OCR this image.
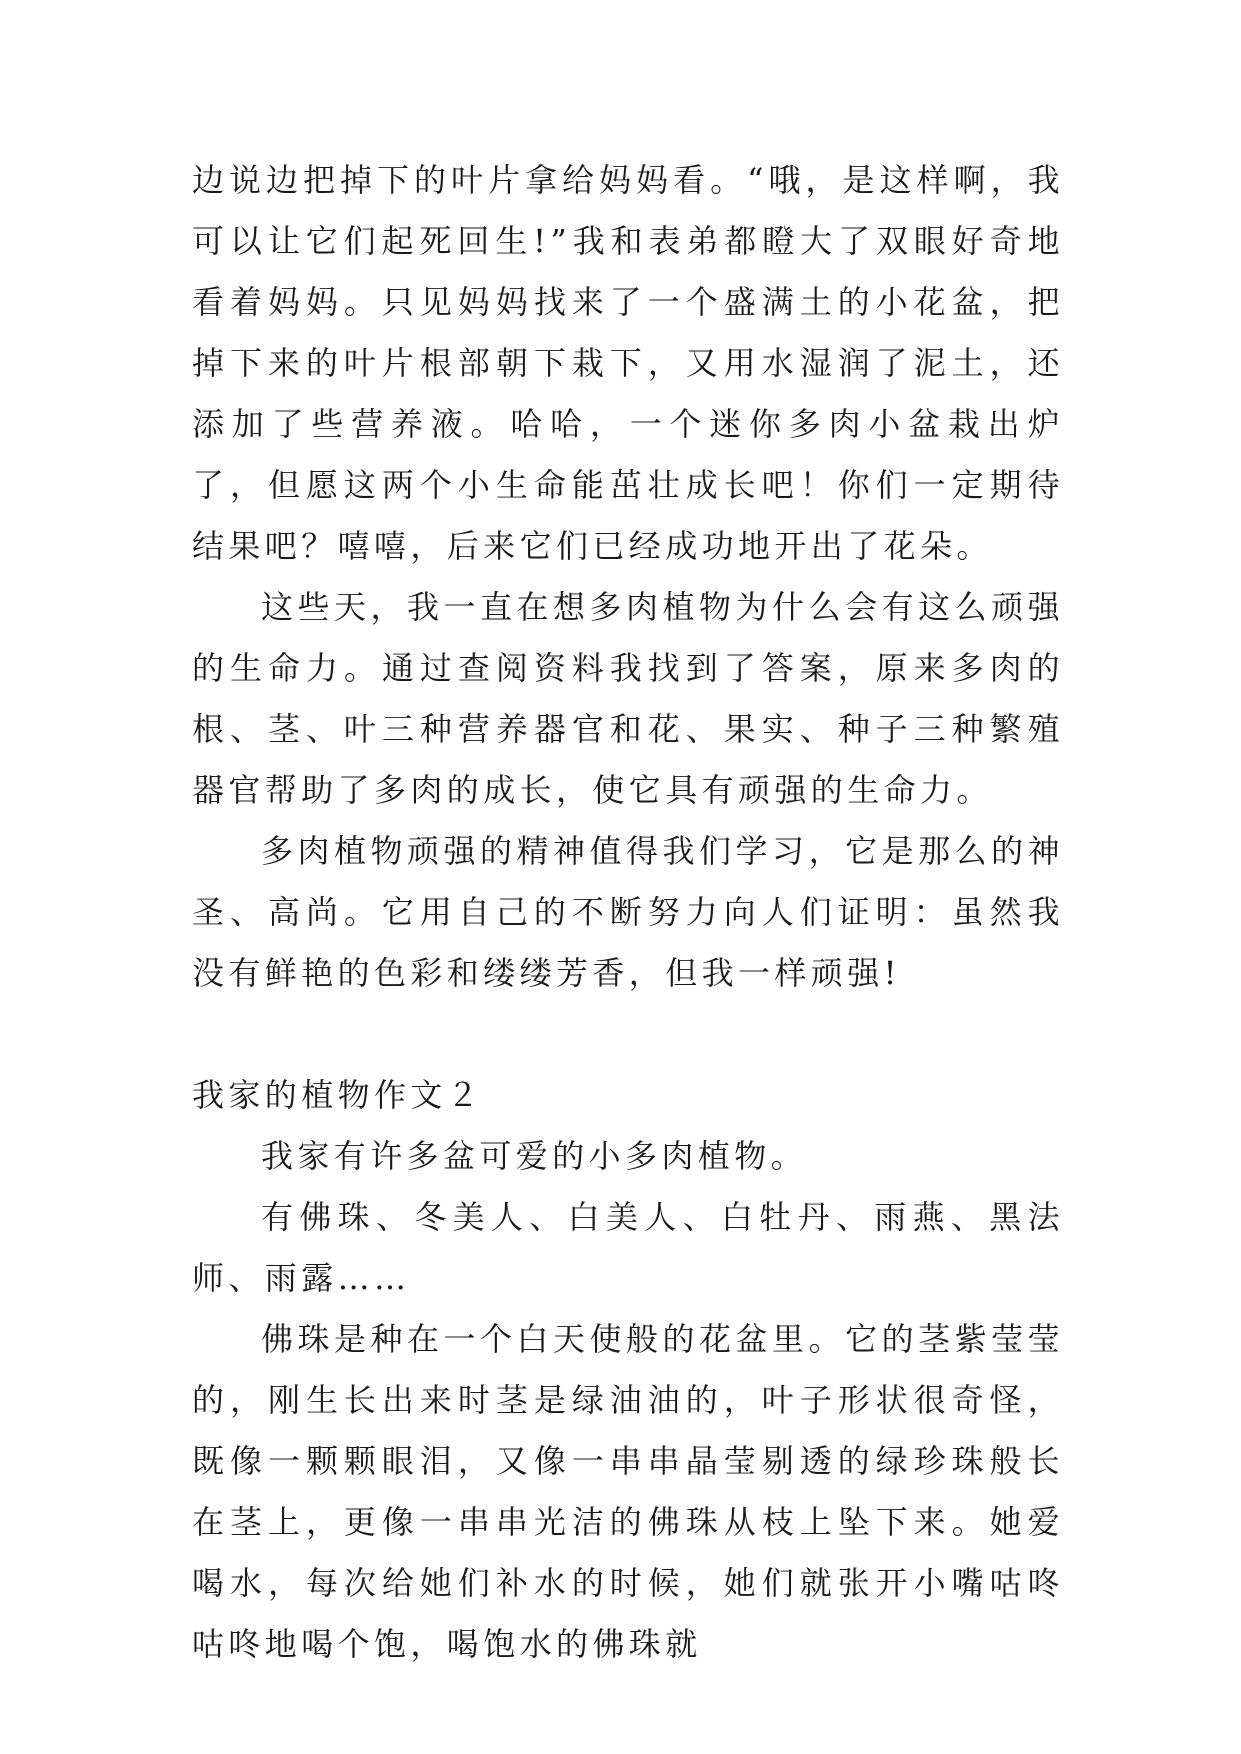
边说边把掉下的叶片拿给妈妈看。“哦，是这样啊，我可以让它们起死回生!”我和表弟都瞪大了双眼好奇地看着妈妈。只见妈妈找来了一个盛满土的小花盆，把掉下来的叶片根部朝下栽下，又用水湿润了泥土，还添加了些营养液。哈哈，一个迷你多肉小盆栽出炉了，但愿这两个小生命能茁壮成长吧！你们一定期待结果吧？嘻嘻，后来它们已经成功地开出了花朵。

这些天，我一直在想多肉植物为什么会有这么顽强的生命力。通过查阅资料我找到了答案，原来多肉的根、茎、叶三种营养器官和花、果实、种子三种繁殖器官帮助了多肉的成长，使它具有顽强的生命力。

多肉植物顽强的精神值得我们学习，它是那么的神圣、高尚。它用自己的不断努力向人们证明：虽然我没有鲜艳的色彩和缕缕芳香，但我一样顽强!

我家的植物作文２

我家有许多盆可爱的小多肉植物。

有佛珠、冬美人、白美人、白牡丹、雨燕、黑法师、雨露……

佛珠是种在一个白天使般的花盆里。它的茎紫莹莹的，刚生长出来时茎是绿油油的，叶子形状很奇怪，既像一颗颗眼泪，又像一串串晶莹剔透的绿珍珠般长在茎上，更像一串串光洁的佛珠从枝上坠下来。她爱喝水，每次给她们补水的时候，她们就张开小嘴咕咚咕咚地喝个饱，喝饱水的佛珠就
